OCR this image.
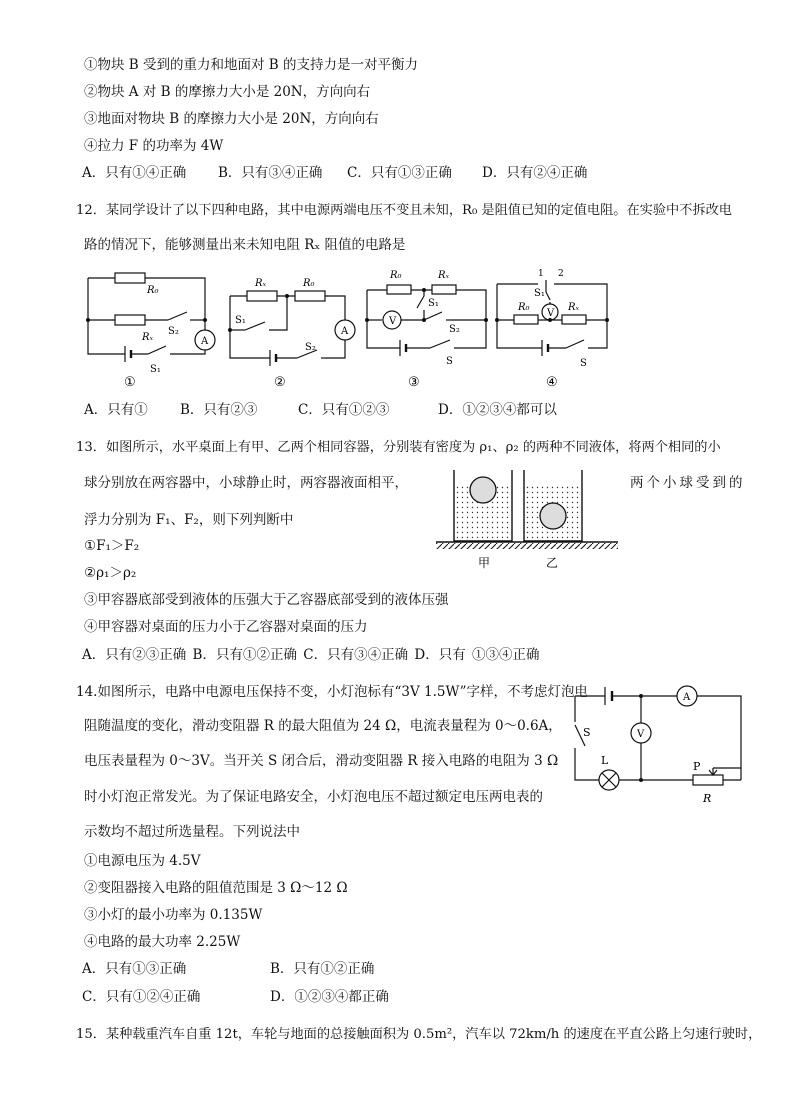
①物块 B 受到的重力和地面对 B 的支持力是一对平衡力
②物块 A 对 B 的摩擦力大小是 20N，方向向右
③地面对物块 B 的摩擦力大小是 20N，方向向右
④拉力 F 的功率为 4W
A．只有①④正确 B．只有③④正确 C．只有①③正确 D．只有②④正确
12．某同学设计了以下四种电路，其中电源两端电压不变且未知，R₀ 是阻值已知的定值电阻。在实验中不拆改电
路的情况下，能够测量出来未知电阻 Rₓ 阻值的电路是
R₀
Rₓ
S₂
S₁
A
①
Rₓ	R₀
S₁
S₂
A
②
R₀	Rₓ
S₁
S₂
V
S
③
1 2
S₁
V
R₀	Rₓ
S
④
A．只有① B．只有②③	C．只有①②③	D．①②③④都可以
13．如图所示，水平桌面上有甲、乙两个相同容器，分别装有密度为 ρ₁、ρ₂ 的两种不同液体，将两个相同的小
球分别放在两容器中，小球静止时，两容器液面相平，	两个小球受到的
浮力分别为 F₁、F₂，则下列判断中
甲	乙
①F₁＞F₂
②ρ₁＞ρ₂
③甲容器底部受到液体的压强大于乙容器底部受到的液体压强
④甲容器对桌面的压力小于乙容器对桌面的压力
A．只有②③正确 B．只有①②正确 C．只有③④正确 D．只有 ①③④正确
14.如图所示，电路中电源电压保持不变，小灯泡标有“3V 1.5W”字样，不考虑灯泡电
阻随温度的变化，滑动变阻器 R 的最大阻值为 24 Ω，电流表量程为 0～0.6A，
电压表量程为 0～3V。当开关 S 闭合后，滑动变阻器 R 接入电路的电阻为 3 Ω
时小灯泡正常发光。为了保证电路安全，小灯泡电压不超过额定电压两电表的
示数均不超过所选量程。下列说法中
A
V
S
L	P
R
①电源电压为 4.5V
②变阻器接入电路的阻值范围是 3 Ω～12 Ω
③小灯的最小功率为 0.135W
④电路的最大功率 2.25W
A．只有①③正确	B．只有①②正确
C．只有①②④正确	D．①②③④都正确
15．某种载重汽车自重 12t，车轮与地面的总接触面积为 0.5m²，汽车以 72km/h 的速度在平直公路上匀速行驶时，
